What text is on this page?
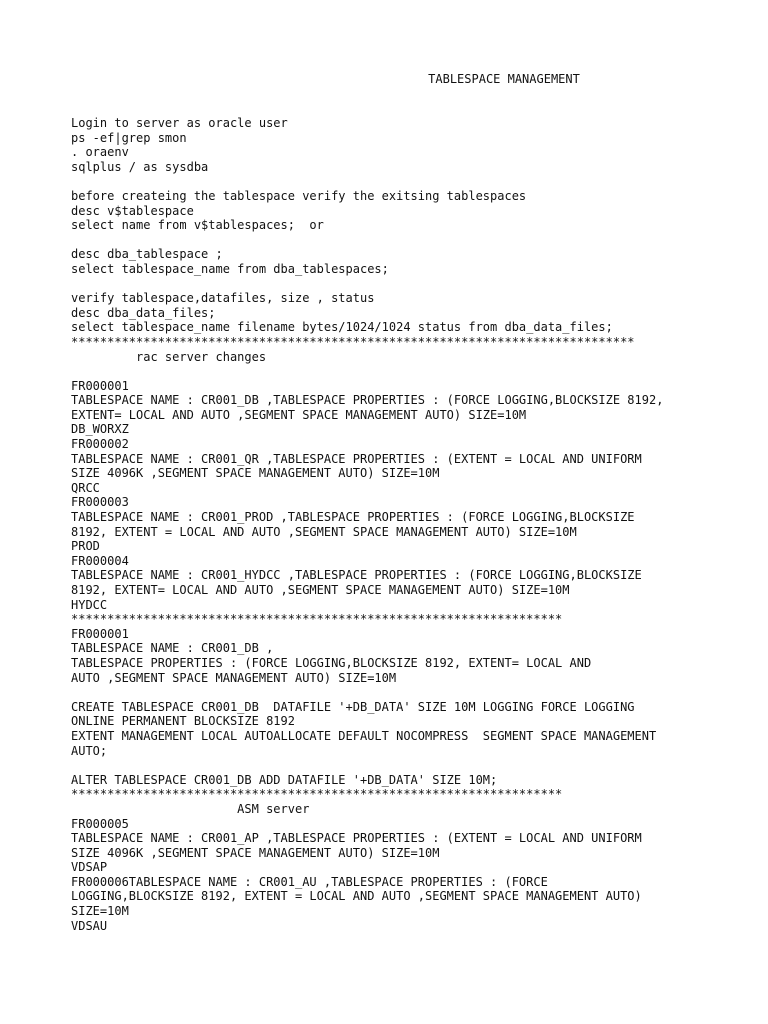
TABLESPACE MANAGEMENT
Login to server as oracle user
ps -ef|grep smon
. oraenv
sqlplus / as sysdba
before createing the tablespace verify the exitsing tablespaces
desc v$tablespace
select name from v$tablespaces;  or
desc dba_tablespace ;
select tablespace_name from dba_tablespaces;
verify tablespace,datafiles, size , status
desc dba_data_files;
select tablespace_name filename bytes/1024/1024 status from dba_data_files;
******************************************************************************
rac server changes
FR000001
TABLESPACE NAME : CR001_DB ,TABLESPACE PROPERTIES : (FORCE LOGGING,BLOCKSIZE 8192,
EXTENT= LOCAL AND AUTO ,SEGMENT SPACE MANAGEMENT AUTO) SIZE=10M
DB_WORXZ
FR000002
TABLESPACE NAME : CR001_QR ,TABLESPACE PROPERTIES : (EXTENT = LOCAL AND UNIFORM
SIZE 4096K ,SEGMENT SPACE MANAGEMENT AUTO) SIZE=10M
QRCC
FR000003
TABLESPACE NAME : CR001_PROD ,TABLESPACE PROPERTIES : (FORCE LOGGING,BLOCKSIZE
8192, EXTENT = LOCAL AND AUTO ,SEGMENT SPACE MANAGEMENT AUTO) SIZE=10M
PROD
FR000004
TABLESPACE NAME : CR001_HYDCC ,TABLESPACE PROPERTIES : (FORCE LOGGING,BLOCKSIZE
8192, EXTENT= LOCAL AND AUTO ,SEGMENT SPACE MANAGEMENT AUTO) SIZE=10M
HYDCC
********************************************************************
FR000001
TABLESPACE NAME : CR001_DB ,
TABLESPACE PROPERTIES : (FORCE LOGGING,BLOCKSIZE 8192, EXTENT= LOCAL AND
AUTO ,SEGMENT SPACE MANAGEMENT AUTO) SIZE=10M
CREATE TABLESPACE CR001_DB  DATAFILE '+DB_DATA' SIZE 10M LOGGING FORCE LOGGING
ONLINE PERMANENT BLOCKSIZE 8192
EXTENT MANAGEMENT LOCAL AUTOALLOCATE DEFAULT NOCOMPRESS  SEGMENT SPACE MANAGEMENT
AUTO;
ALTER TABLESPACE CR001_DB ADD DATAFILE '+DB_DATA' SIZE 10M;
********************************************************************
ASM server
FR000005
TABLESPACE NAME : CR001_AP ,TABLESPACE PROPERTIES : (EXTENT = LOCAL AND UNIFORM
SIZE 4096K ,SEGMENT SPACE MANAGEMENT AUTO) SIZE=10M
VDSAP
FR000006TABLESPACE NAME : CR001_AU ,TABLESPACE PROPERTIES : (FORCE
LOGGING,BLOCKSIZE 8192, EXTENT = LOCAL AND AUTO ,SEGMENT SPACE MANAGEMENT AUTO)
SIZE=10M
VDSAU
